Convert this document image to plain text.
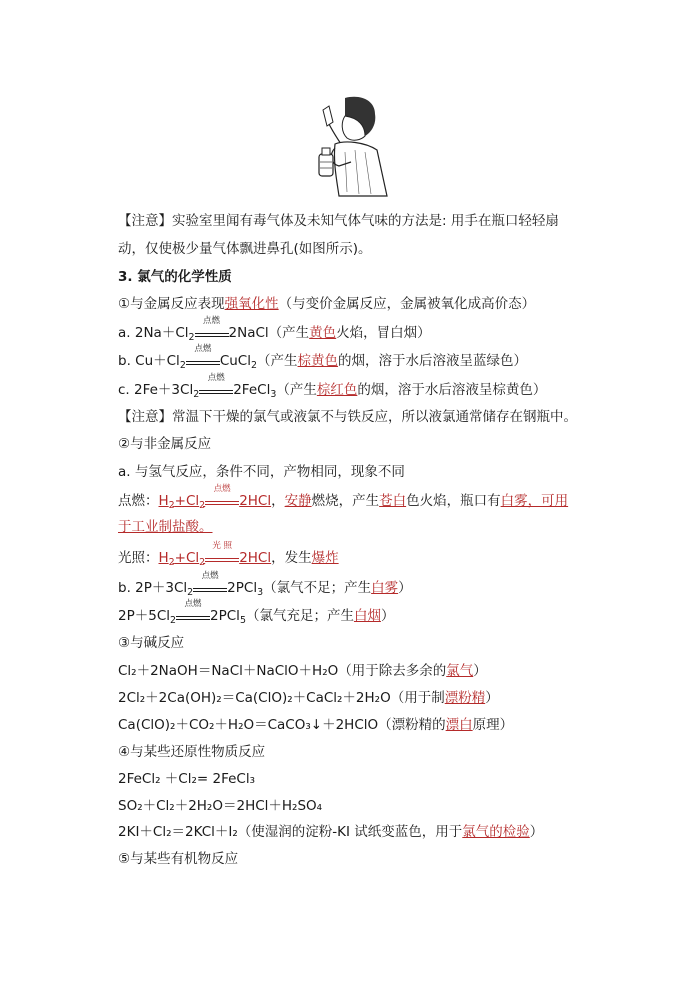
【注意】实验室里闻有毒气体及未知气体气味的方法是: 用手在瓶口轻轻扇
动，仅使极少量气体飘进鼻孔(如图所示)。
3. 氯气的化学性质
①与金属反应表现强氧化性（与变价金属反应，金属被氧化成高价态）
a. $2Na+Cl_2$
点燃
2NaCl（产生黄色火焰，冒白烟）
b. $Cu+Cl_2$
点燃
CuCl$_2$（产生棕黄色的烟，溶于水后溶液呈蓝绿色）
c. $2Fe+3Cl_2$
点燃
2FeCl$_3$（产生棕红色的烟，溶于水后溶液呈棕黄色）
【注意】常温下干燥的氯气或液氯不与铁反应，所以液氯通常储存在钢瓶中。
②与非金属反应
a. 与氢气反应，条件不同，产物相同，现象不同
点燃：$H_2+Cl_2$
点燃
2HCl，安静燃烧，产生苍白色火焰，瓶口有白雾，可用
于工业制盐酸。
光照：$H_2+Cl_2$
光 照
2HCl，发生爆炸
b. $2P+3Cl_2$
点燃
2PCl$_3$（氯气不足；产生白雾）
$2P+5Cl_2$
点燃
2PCl$_5$（氯气充足；产生白烟）
③与碱反应
Cl₂＋2NaOH＝NaCl＋NaClO＋H₂O（用于除去多余的氯气）
2Cl₂＋2Ca(OH)₂＝Ca(ClO)₂＋CaCl₂＋2H₂O（用于制漂粉精）
Ca(ClO)₂＋CO₂＋H₂O＝CaCO₃↓＋2HClO（漂粉精的漂白原理）
④与某些还原性物质反应
2FeCl₂ ＋Cl₂= 2FeCl₃
SO₂＋Cl₂＋2H₂O＝2HCl＋H₂SO₄
2KI＋Cl₂＝2KCl＋I₂（使湿润的淀粉-KI 试纸变蓝色，用于氯气的检验）
⑤与某些有机物反应
